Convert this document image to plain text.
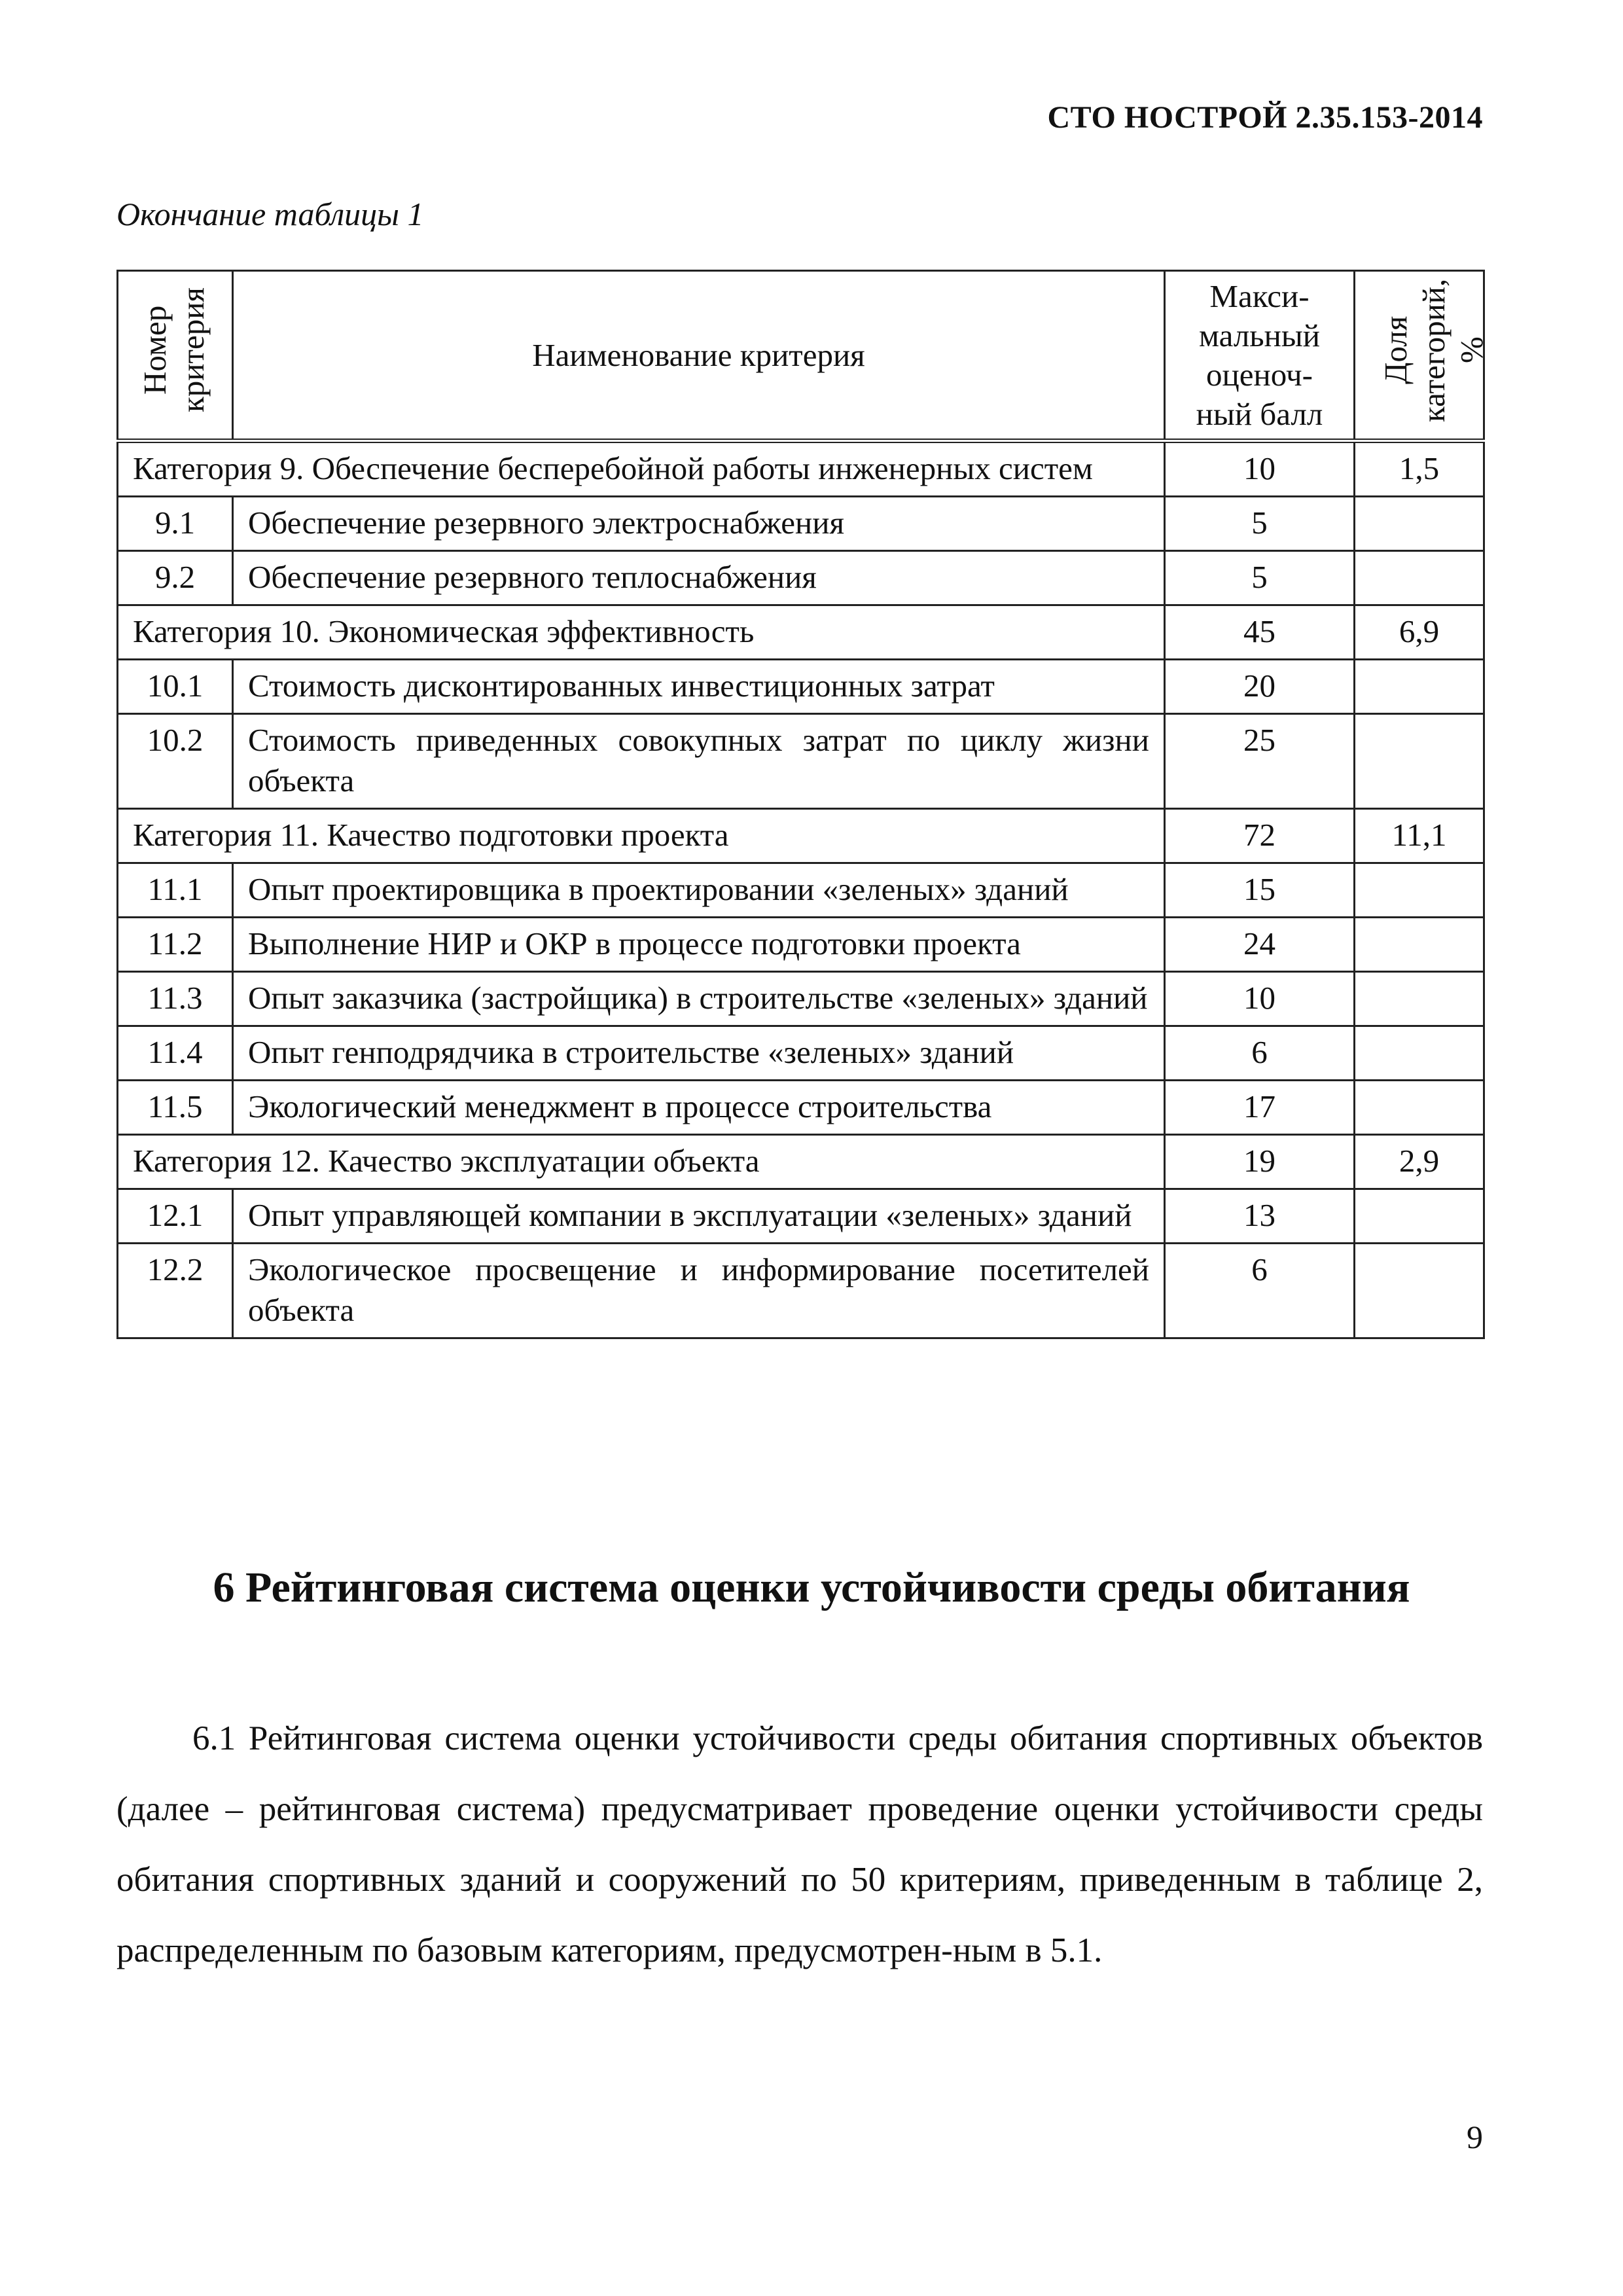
СТО НОСТРОЙ 2.35.153-2014
Окончание таблицы 1
Номер критерия	Наименование критерия	Макси-
мальный
оценоч-
ный балл	Доля категорий, %
Категория 9. Обеспечение бесперебойной работы инженерных систем		10	1,5
9.1	Обеспечение резервного электроснабжения	5	
9.2	Обеспечение резервного теплоснабжения	5	
Категория 10. Экономическая эффективность		45	6,9
10.1	Стоимость дисконтированных инвестиционных затрат	20	
10.2	Стоимость приведенных совокупных затрат по циклу жизни объекта	25	
Категория 11. Качество подготовки проекта		72	11,1
11.1	Опыт проектировщика в проектировании «зеленых» зданий	15	
11.2	Выполнение НИР и ОКР в процессе подготовки проекта	24	
11.3	Опыт заказчика (застройщика) в строительстве «зеленых» зданий	10	
11.4	Опыт генподрядчика в строительстве «зеленых» зданий	6	
11.5	Экологический менеджмент в процессе строительства	17	
Категория 12. Качество эксплуатации объекта		19	2,9
12.1	Опыт управляющей компании в эксплуатации «зеленых» зданий	13	
12.2	Экологическое просвещение и информирование посетителей объекта	6	
6 Рейтинговая система оценки устойчивости среды обитания
6.1 Рейтинговая система оценки устойчивости среды обитания спортивных объектов (далее – рейтинговая система) предусматривает проведение оценки устойчивости среды обитания спортивных зданий и сооружений по 50 критериям, приведенным в таблице 2, распределенным по базовым категориям, предусмотрен-ным в 5.1.
9
